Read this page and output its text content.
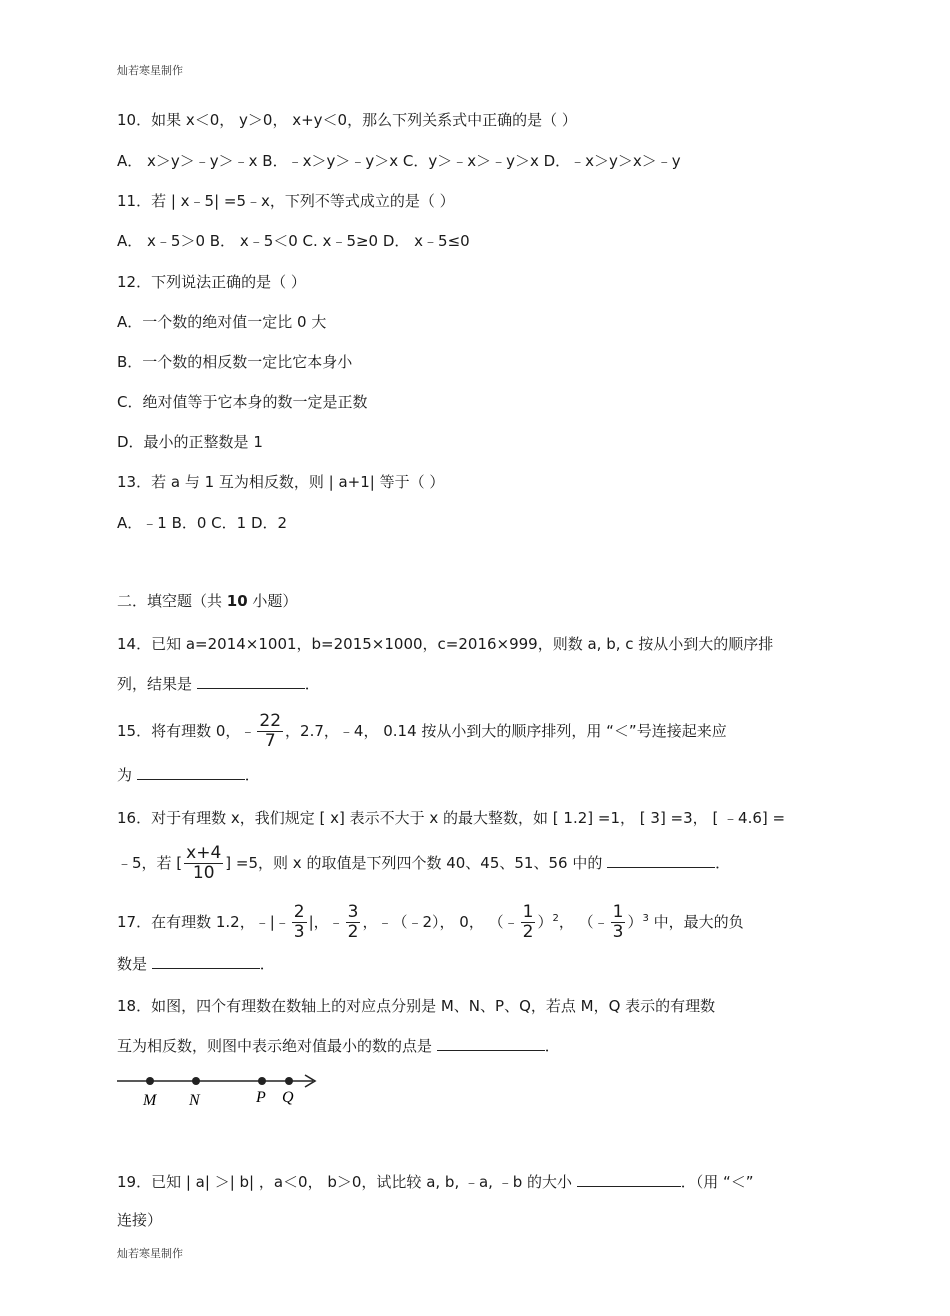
灿若寒星制作
10．如果 x＜0， y＞0， x+y＜0，那么下列关系式中正确的是（ ）
A． x＞y＞﹣y＞﹣x B．﹣x＞y＞﹣y＞x C．y＞﹣x＞﹣y＞x D．﹣x＞y＞x＞﹣y
11．若 | x﹣5| =5﹣x，下列不等式成立的是（ ）
A． x﹣5＞0 B． x﹣5＜0 C. x﹣5≥0 D． x﹣5≤0
12．下列说法正确的是（ ）
A．一个数的绝对值一定比 0 大
B．一个数的相反数一定比它本身小
C．绝对值等于它本身的数一定是正数
D．最小的正整数是 1
13．若 a 与 1 互为相反数，则 | a+1| 等于（ ）
A．﹣1 B．0 C．1 D．2
二．填空题（共 10 小题）
14．已知 a=2014×1001，b=2015×1000，c=2016×999，则数 a, b, c 按从小到大的顺序排
列，结果是	．
15．将有理数 0，﹣ $\frac{22}{7}$ ，2.7，﹣4， 0.14 按从小到大的顺序排列，用 “＜”号连接起来应
为	．
16．对于有理数 x，我们规定 [ x] 表示不大于 x 的最大整数，如 [ 1.2] =1， [ 3] =3， [ ﹣4.6] =
﹣5，若 [ $\frac{x+4}{10}$ ] =5，则 x 的取值是下列四个数 40、45、51、56 中的	．
17．在有理数 1.2，﹣|﹣ $\frac{2}{3}$ |，﹣ $\frac{3}{2}$ ，﹣（﹣2）， 0， （﹣ $\frac{1}{2} )^2$， （﹣ $\frac{1}{3} )^3$ 中，最大的负
数是	．
18．如图，四个有理数在数轴上的对应点分别是 M、N、P、Q，若点 M，Q 表示的有理数
互为相反数，则图中表示绝对值最小的数的点是	．
M N	P Q
19．已知 | a| ＞| b| ，a＜0， b＞0，试比较 a, b, ﹣a, ﹣b 的大小	．（用 “＜”
连接）
灿若寒星制作
